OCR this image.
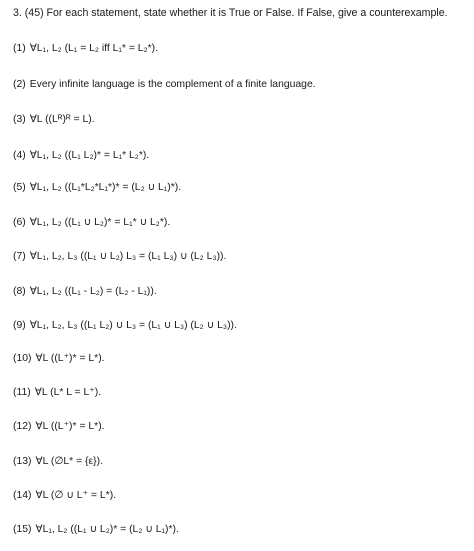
3. (45) For each statement, state whether it is True or False. If False, give a counterexample.
(1) ∀L₁, L₂ (L₁ = L₂ iff L₁* = L₂*).
(2) Every infinite language is the complement of a finite language.
(3) ∀L ((Lᴿ)ᴿ = L).
(4) ∀L₁, L₂ ((L₁ L₂)* = L₁* L₂*).
(5) ∀L₁, L₂ ((L₁*L₂*L₁*)* = (L₂ ∪ L₁)*).
(6) ∀L₁, L₂ ((L₁ ∪ L₂)* = L₁* ∪ L₂*).
(7) ∀L₁, L₂, L₃ ((L₁ ∪ L₂) L₃ = (L₁ L₃) ∪ (L₂ L₃)).
(8) ∀L₁, L₂ ((L₁ - L₂) = (L₂ - L₁)).
(9) ∀L₁, L₂, L₃ ((L₁ L₂) ∪ L₃ = (L₁ ∪ L₃) (L₂ ∪ L₃)).
(10) ∀L ((L⁺)* = L*).
(11) ∀L (L* L = L⁺).
(12) ∀L ((L⁺)* = L*).
(13) ∀L (∅L* = {ε}).
(14) ∀L (∅ ∪ L⁺ = L*).
(15) ∀L₁, L₂ ((L₁ ∪ L₂)* = (L₂ ∪ L₁)*).
